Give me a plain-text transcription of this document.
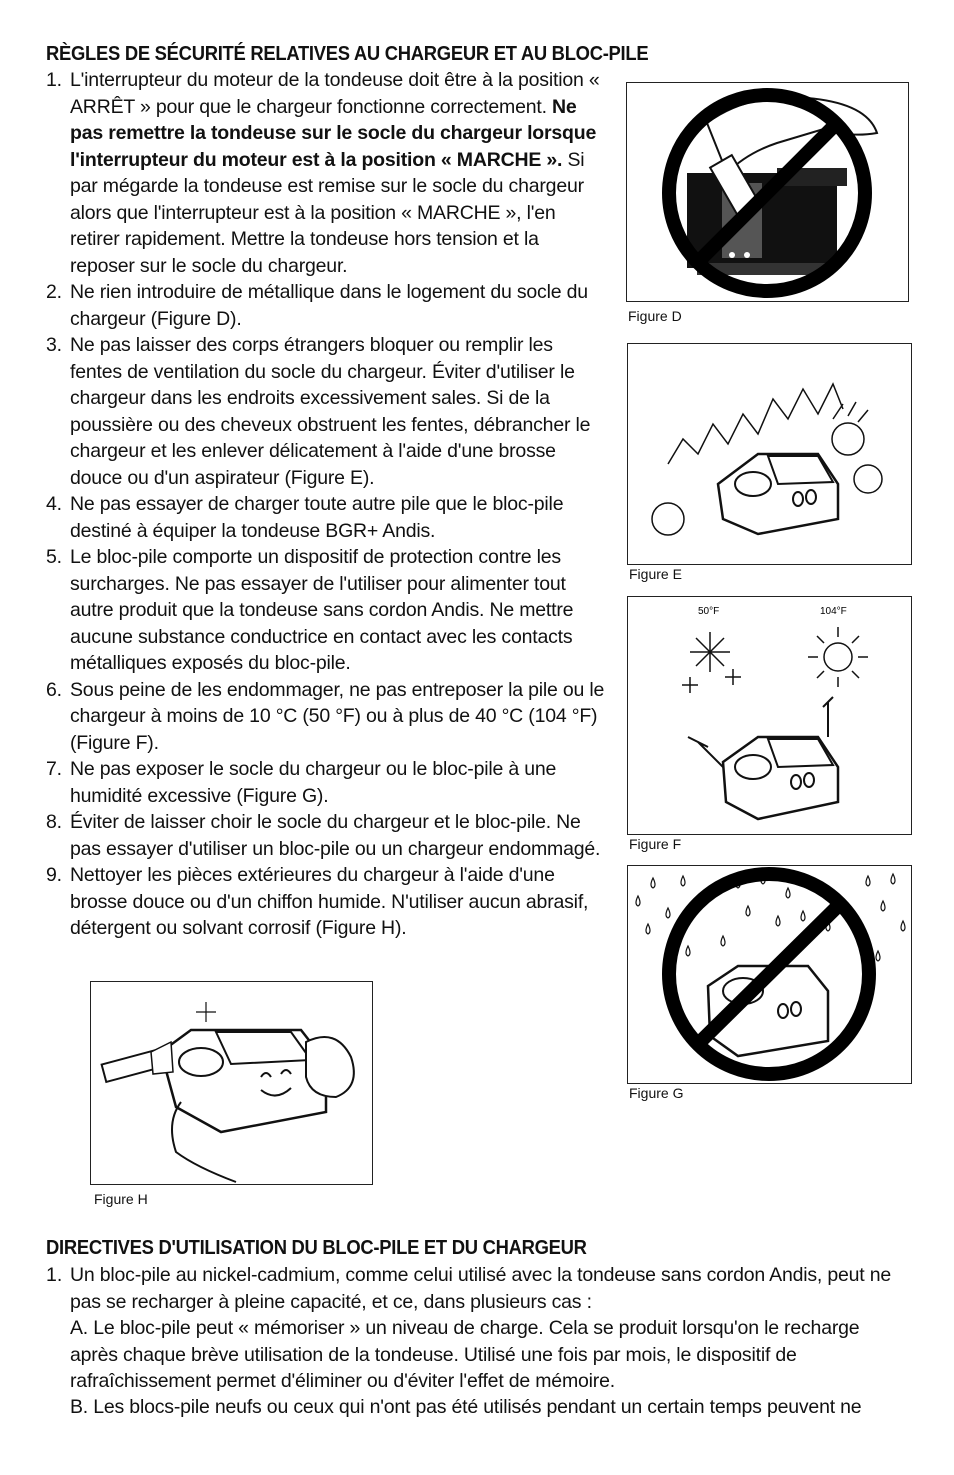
RÈGLES DE SÉCURITÉ RELATIVES AU CHARGEUR ET AU BLOC-PILE
1. L'interrupteur du moteur de la tondeuse doit être à la position « ARRÊT » pour que le chargeur fonctionne correctement. Ne pas remettre la tondeuse sur le socle du chargeur lorsque l'interrupteur du moteur est à la position « MARCHE ». Si par mégarde la tondeuse est remise sur le socle du chargeur alors que l'interrupteur est à la position « MARCHE », l'en retirer rapidement. Mettre la tondeuse hors tension et la reposer sur le socle du chargeur.
2. Ne rien introduire de métallique dans le logement du socle du chargeur (Figure D).
3. Ne pas laisser des corps étrangers bloquer ou remplir les fentes de ventilation du socle du chargeur. Éviter d'utiliser le chargeur dans les endroits excessivement sales. Si de la poussière ou des cheveux obstruent les fentes, débrancher le chargeur et les enlever délicatement à l'aide d'une brosse douce ou d'un aspirateur (Figure E).
4. Ne pas essayer de charger toute autre pile que le bloc-pile destiné à équiper la tondeuse BGR+ Andis.
5. Le bloc-pile comporte un dispositif de protection contre les surcharges. Ne pas essayer de l'utiliser pour alimenter tout autre produit que la tondeuse sans cordon Andis. Ne mettre aucune substance conductrice en contact avec les contacts métalliques exposés du bloc-pile.
6. Sous peine de les endommager, ne pas entreposer la pile ou le chargeur à moins de 10 °C (50 °F) ou à plus de 40 °C (104 °F) (Figure F).
7. Ne pas exposer le socle du chargeur ou le bloc-pile à une humidité excessive (Figure G).
8. Éviter de laisser choir le socle du chargeur et le bloc-pile. Ne pas essayer d'utiliser un bloc-pile ou un chargeur endommagé.
9. Nettoyer les pièces extérieures du chargeur à l'aide d'une brosse douce ou d'un chiffon humide. N'utiliser aucun abrasif, détergent ou solvant corrosif (Figure H).
Figure D
Figure E
50°F	104°F
Figure F
Figure G
Figure H
DIRECTIVES D'UTILISATION DU BLOC-PILE ET DU CHARGEUR
1. Un bloc-pile au nickel-cadmium, comme celui utilisé avec la tondeuse sans cordon Andis, peut ne pas se recharger à pleine capacité, et ce, dans plusieurs cas :
A. Le bloc-pile peut « mémoriser » un niveau de charge. Cela se produit lorsqu'on le recharge après chaque brève utilisation de la tondeuse. Utilisé une fois par mois, le dispositif de rafraîchissement permet d'éliminer ou d'éviter l'effet de mémoire.
B. Les blocs-pile neufs ou ceux qui n'ont pas été utilisés pendant un certain temps peuvent ne
